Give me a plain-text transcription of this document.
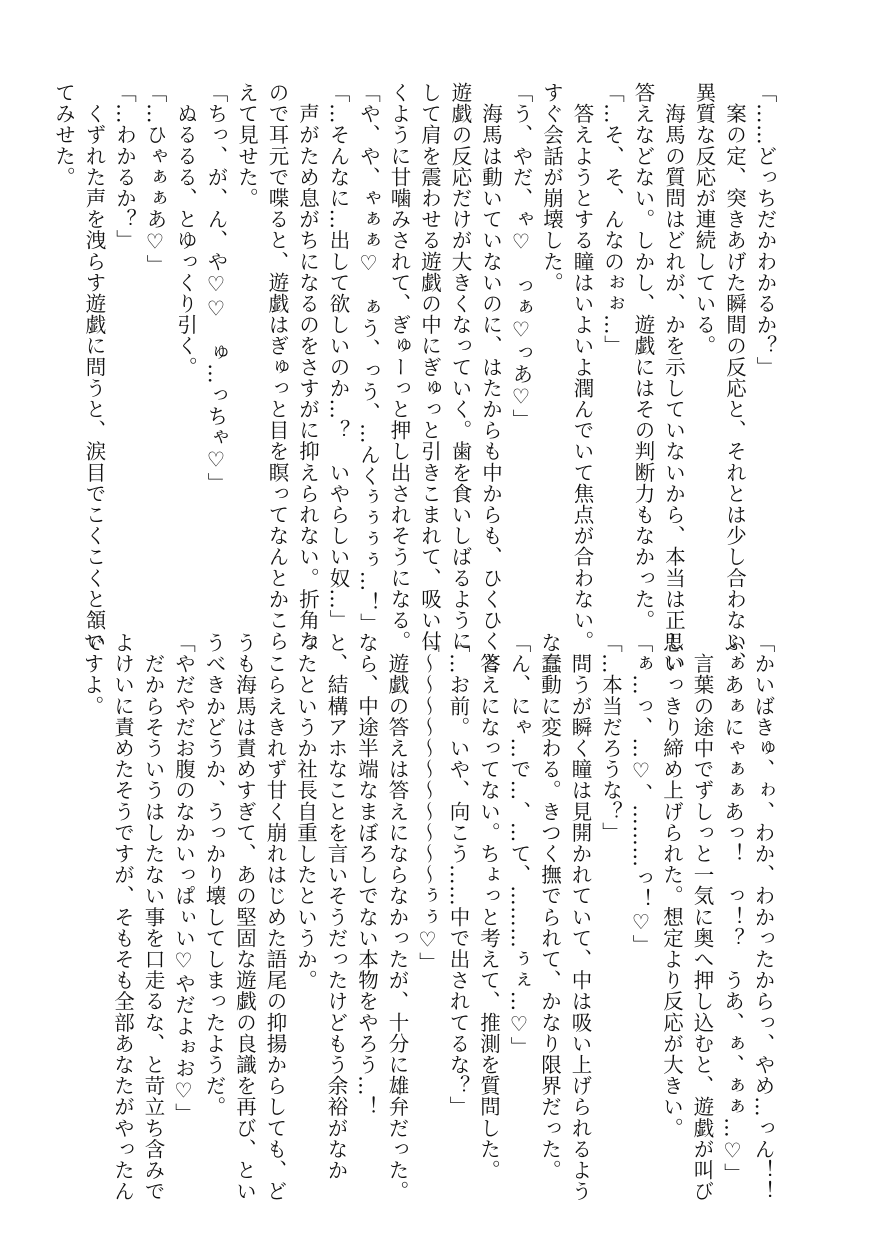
「……どっちだかわかるか？」
　案の定、突きあげた瞬間の反応と、それとは少し合わない、
異質な反応が連続している。
　海馬の質問はどれが、かを示していないから、本当は正しい
答えなどない。しかし、遊戯にはその判断力もなかった。
「…そ、そ、んなのぉぉ…」
　答えようとする瞳はいよいよ潤んでいて焦点が合わない。
すぐ会話が崩壊した。
「う、やだ、ゃ♡　っぁ♡っあ♡」
　海馬は動いていないのに、はたからも中からも、ひくひくと
遊戯の反応だけが大きくなっていく。歯を食いしばるように
して肩を震わせる遊戯の中にぎゅっと引きこまれて、吸い付
くように甘噛みされて、ぎゅーっと押し出されそうになる。
「や、や、ゃぁぁ♡　ぁう、っう、…んくぅぅぅぅ…！」
「…そんなに…出して欲しいのか…？　いやらしい奴…」
　声がため息がちになるのをさすがに抑えられない。折角な
ので耳元で喋ると、遊戯はぎゅっと目を瞑ってなんとかこら
えて見せた。
「ちっ、が、ん、や♡♡　ゅ…っちゃ♡」
　ぬるるる、とゆっくり引く。
「…ひゃぁぁあ♡」
「…わかるか？」
　くずれた声を洩らす遊戯に問うと、涙目でこくこくと頷い
てみせた。
「かいばきゅ、ゎ、わか、わかったからっ、やめ…っん！！
ふぁあぁにゃぁぁあっ！　っ！？　うあ、ぁ、ぁぁ…♡」
　言葉の途中でずしっと一気に奥へ押し込むと、遊戯が叫び
思いっきり締め上げられた。想定より反応が大きい。
「ぁ…っ、…♡、………っ！♡」
「…本当だろうな？」
　問うが瞬く瞳は見開かれていて、中は吸い上げられるよう
な蠢動に変わる。きつく撫でられて、かなり限界だった。
「ん、にゃ…で…、…て、………ぅぇ…♡」
　答えになってない。ちょっと考えて、推測を質問した。
「…お前。いや、向こう……中で出されてるな？」
「〜〜〜〜〜〜〜〜〜〜〜ぅぅ♡」
　遊戯の答えは答えにならなかったが、十分に雄弁だった。
なら、中途半端なまぼろしでない本物をやろう…！
と、結構アホなことを言いそうだったけどもう余裕がなか
ったというか社長自重したというか。
　こらえきれず甘く崩れはじめた語尾の抑揚からしても、ど
うも海馬は責めすぎて、あの堅固な遊戯の良識を再び、とい
うべきかどうか、うっかり壊してしまったようだ。
「やだやだお腹のなかいっぱぃい♡やだよぉお♡」
　だからそういうはしたない事を口走るな、と苛立ち含みで
よけいに責めたそうですが、そもそも全部あなたがやったん
ですよ。
